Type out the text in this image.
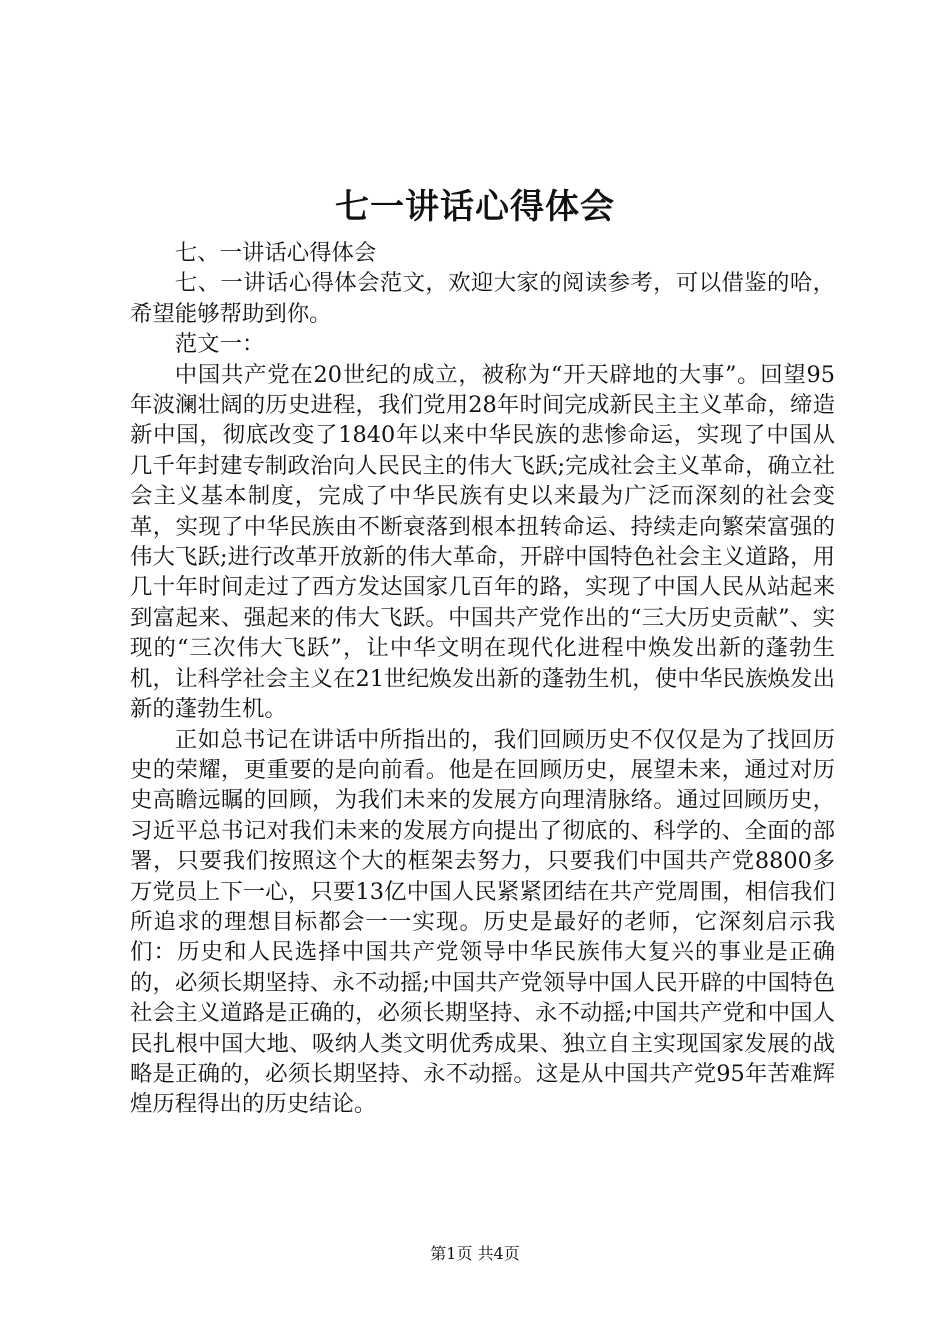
七一讲话心得体会

七、一讲话心得体会

七、一讲话心得体会范文，欢迎大家的阅读参考，可以借鉴的哈，希望能够帮助到你。

范文一：

中国共产党在20世纪的成立，被称为“开天辟地的大事”。回望95年波澜壮阔的历史进程，我们党用28年时间完成新民主主义革命，缔造新中国，彻底改变了1840年以来中华民族的悲惨命运，实现了中国从几千年封建专制政治向人民民主的伟大飞跃;完成社会主义革命，确立社会主义基本制度，完成了中华民族有史以来最为广泛而深刻的社会变革，实现了中华民族由不断衰落到根本扭转命运、持续走向繁荣富强的伟大飞跃;进行改革开放新的伟大革命，开辟中国特色社会主义道路，用几十年时间走过了西方发达国家几百年的路，实现了中国人民从站起来到富起来、强起来的伟大飞跃。中国共产党作出的“三大历史贡献”、实现的“三次伟大飞跃”，让中华文明在现代化进程中焕发出新的蓬勃生机，让科学社会主义在21世纪焕发出新的蓬勃生机，使中华民族焕发出新的蓬勃生机。

正如总书记在讲话中所指出的，我们回顾历史不仅仅是为了找回历史的荣耀，更重要的是向前看。他是在回顾历史，展望未来，通过对历史高瞻远瞩的回顾，为我们未来的发展方向理清脉络。通过回顾历史，习近平总书记对我们未来的发展方向提出了彻底的、科学的、全面的部署，只要我们按照这个大的框架去努力，只要我们中国共产党8800多万党员上下一心，只要13亿中国人民紧紧团结在共产党周围，相信我们所追求的理想目标都会一一实现。历史是最好的老师，它深刻启示我们：历史和人民选择中国共产党领导中华民族伟大复兴的事业是正确的，必须长期坚持、永不动摇;中国共产党领导中国人民开辟的中国特色社会主义道路是正确的，必须长期坚持、永不动摇;中国共产党和中国人民扎根中国大地、吸纳人类文明优秀成果、独立自主实现国家发展的战略是正确的，必须长期坚持、永不动摇。这是从中国共产党95年苦难辉煌历程得出的历史结论。

第1页 共4页
